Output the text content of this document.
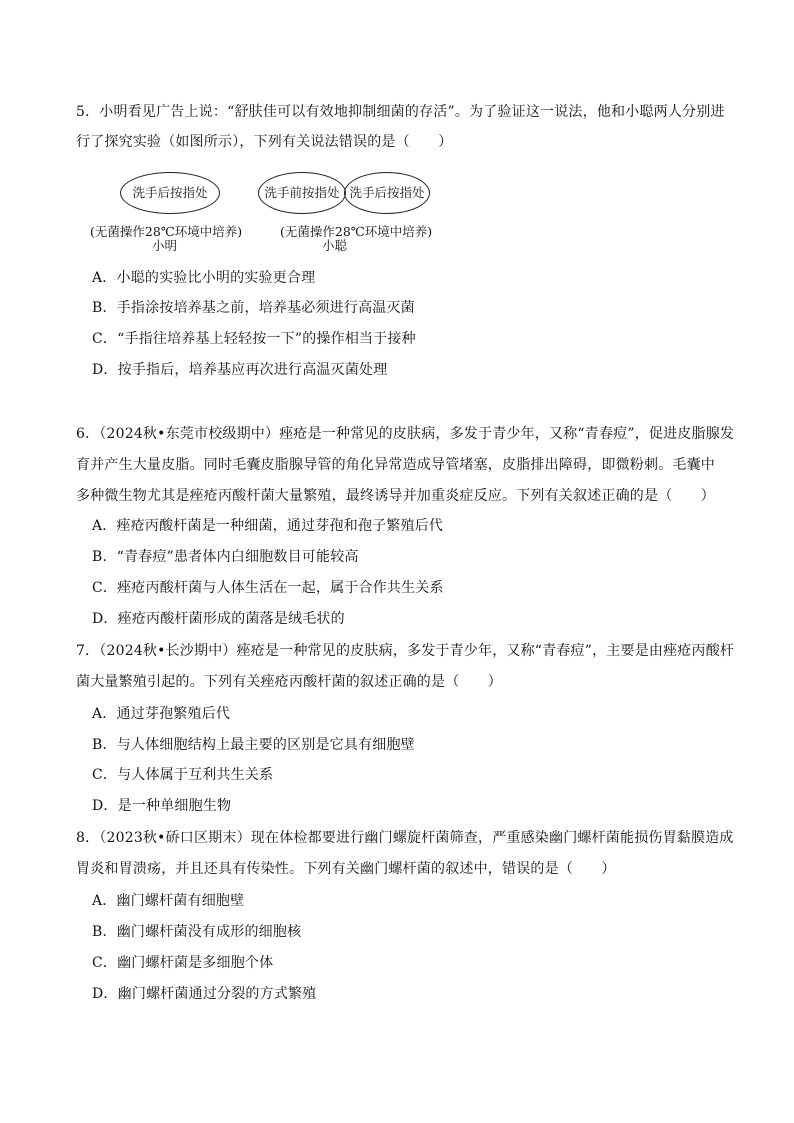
5．小明看见广告上说：“舒肤佳可以有效地抑制细菌的存活”。为了验证这一说法，他和小聪两人分别进
行了探究实验（如图所示），下列有关说法错误的是（　　）
洗手后按指处	洗手前按指处 洗手后按指处
(无菌操作28℃环境中培养)	(无菌操作28℃环境中培养)
小明	小聪
A．小聪的实验比小明的实验更合理
B．手指涂按培养基之前，培养基必须进行高温灭菌
C．“手指往培养基上轻轻按一下”的操作相当于接种
D．按手指后，培养基应再次进行高温灭菌处理
6．（2024秋•东莞市校级期中）痤疮是一种常见的皮肤病，多发于青少年，又称“青春痘”，促进皮脂腺发
育并产生大量皮脂。同时毛囊皮脂腺导管的角化异常造成导管堵塞，皮脂排出障碍，即微粉刺。毛囊中
多种微生物尤其是痤疮丙酸杆菌大量繁殖，最终诱导并加重炎症反应。下列有关叙述正确的是（　　）
A．痤疮丙酸杆菌是一种细菌，通过芽孢和孢子繁殖后代
B．“青春痘”患者体内白细胞数目可能较高
C．痤疮丙酸杆菌与人体生活在一起，属于合作共生关系
D．痤疮丙酸杆菌形成的菌落是绒毛状的
7．（2024秋•长沙期中）痤疮是一种常见的皮肤病，多发于青少年，又称“青春痘”，主要是由痤疮丙酸杆
菌大量繁殖引起的。下列有关痤疮丙酸杆菌的叙述正确的是（　　）
A．通过芽孢繁殖后代
B．与人体细胞结构上最主要的区别是它具有细胞壁
C．与人体属于互利共生关系
D．是一种单细胞生物
8．（2023秋•硚口区期末）现在体检都要进行幽门螺旋杆菌筛查，严重感染幽门螺杆菌能损伤胃黏膜造成
胃炎和胃溃疡，并且还具有传染性。下列有关幽门螺杆菌的叙述中，错误的是（　　）
A．幽门螺杆菌有细胞壁
B．幽门螺杆菌没有成形的细胞核
C．幽门螺杆菌是多细胞个体
D．幽门螺杆菌通过分裂的方式繁殖
